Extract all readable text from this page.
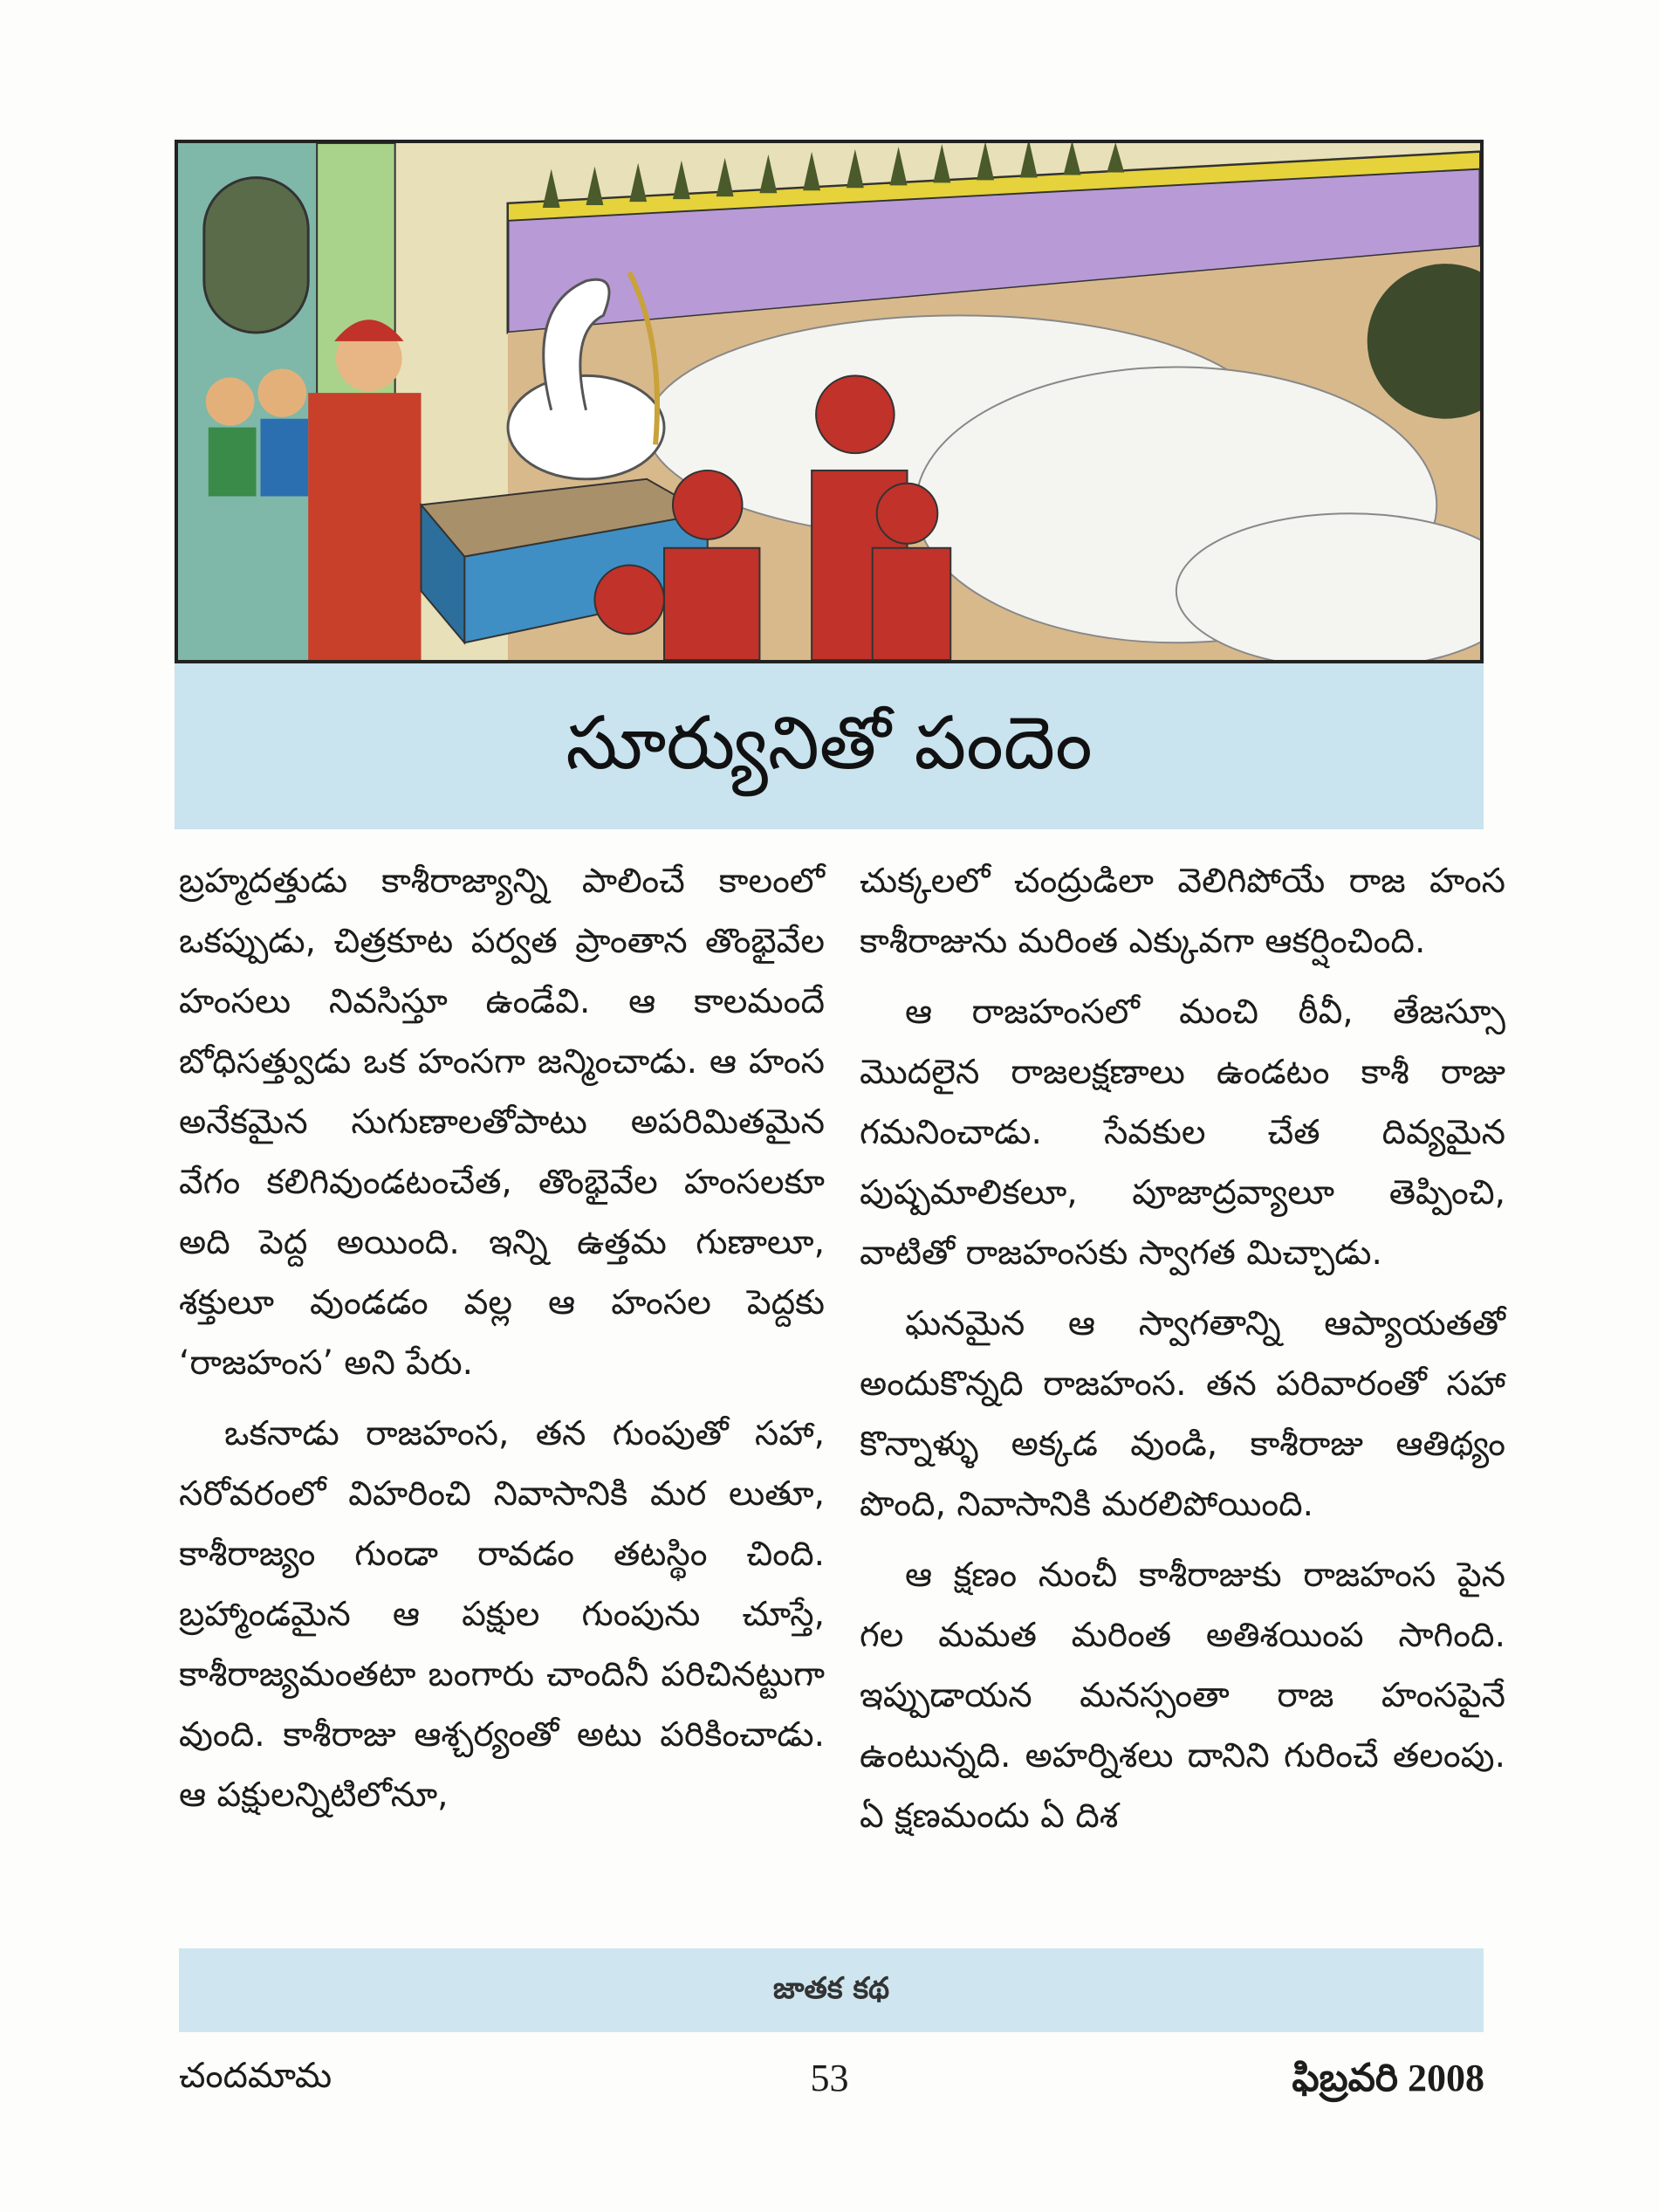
సూర్యునితో పందెం

బ్రహ్మదత్తుడు కాశీరాజ్యాన్ని పాలించే కాలంలో ఒకప్పుడు, చిత్రకూట పర్వత ప్రాంతాన తొంభైవేల హంసలు నివసిస్తూ ఉండేవి. ఆ కాలమందే బోధిసత్త్వుడు ఒక హంసగా జన్మించాడు. ఆ హంస అనేకమైన సుగుణాలతోపాటు అపరిమితమైన వేగం కలిగివుండటంచేత, తొంభైవేల హంసలకూ అది పెద్ద అయింది. ఇన్ని ఉత్తమ గుణాలూ, శక్తులూ వుండడం వల్ల ఆ హంసల పెద్దకు ‘రాజహంస’ అని పేరు.

ఒకనాడు రాజహంస, తన గుంపుతో సహా, సరోవరంలో విహరించి నివాసానికి మర లుతూ, కాశీరాజ్యం గుండా రావడం తటస్థిం చింది. బ్రహ్మాండమైన ఆ పక్షుల గుంపును చూస్తే, కాశీరాజ్యమంతటా బంగారు చాందినీ పరిచినట్టుగా వుంది. కాశీరాజు ఆశ్చర్యంతో అటు పరికించాడు. ఆ పక్షులన్నిటిలోనూ,

చుక్కలలో చంద్రుడిలా వెలిగిపోయే రాజ హంస కాశీరాజును మరింత ఎక్కువగా ఆకర్షించింది.

ఆ రాజహంసలో మంచి ఠీవీ, తేజస్సూ మొదలైన రాజలక్షణాలు ఉండటం కాశీ రాజు గమనించాడు. సేవకుల చేత దివ్యమైన పుష్పమాలికలూ, పూజాద్రవ్యాలూ తెప్పించి, వాటితో రాజహంసకు స్వాగత మిచ్చాడు.

ఘనమైన ఆ స్వాగతాన్ని ఆప్యాయతతో అందుకొన్నది రాజహంస. తన పరివారంతో సహా కొన్నాళ్ళు అక్కడ వుండి, కాశీరాజు ఆతిథ్యం పొంది, నివాసానికి మరలిపోయింది.

ఆ క్షణం నుంచీ కాశీరాజుకు రాజహంస పైన గల మమత మరింత అతిశయింప సాగింది. ఇప్పుడాయన మనస్సంతా రాజ హంసపైనే ఉంటున్నది. అహర్నిశలు దానిని గురించే తలంపు. ఏ క్షణమందు ఏ దిశ

జాతక కథ
చందమామ	53	ఫిబ్రవరి 2008
